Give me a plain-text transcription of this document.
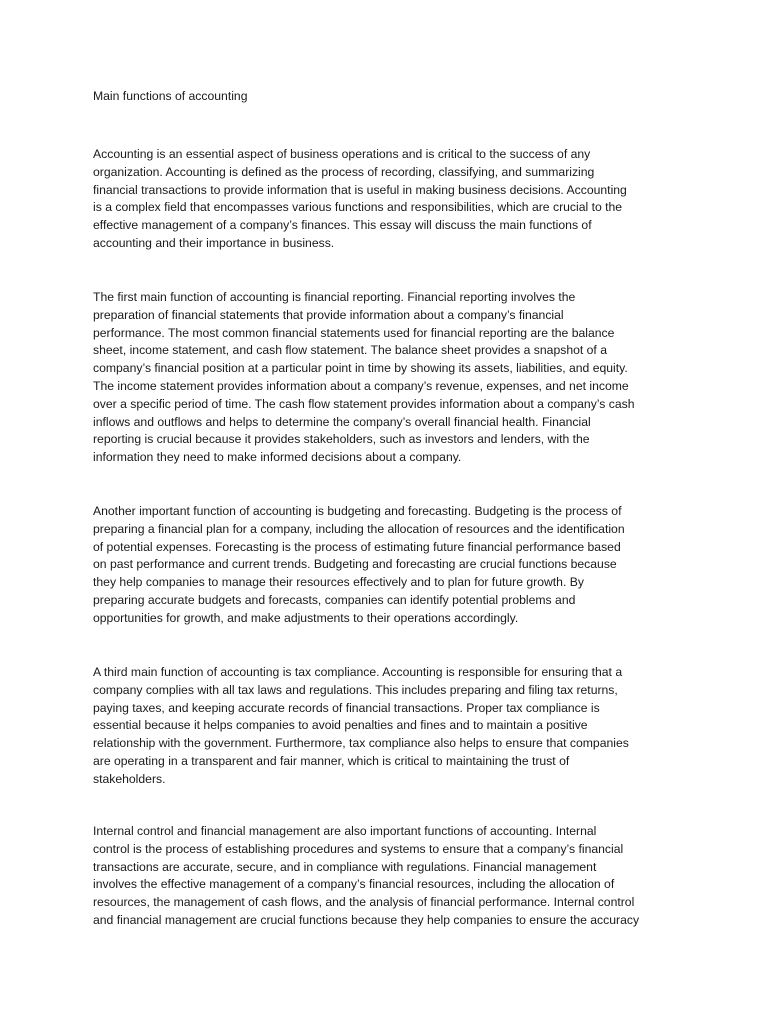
Main functions of accounting
Accounting is an essential aspect of business operations and is critical to the success of any
organization. Accounting is defined as the process of recording, classifying, and summarizing
financial transactions to provide information that is useful in making business decisions. Accounting
is a complex field that encompasses various functions and responsibilities, which are crucial to the
effective management of a company’s finances. This essay will discuss the main functions of
accounting and their importance in business.
The first main function of accounting is financial reporting. Financial reporting involves the
preparation of financial statements that provide information about a company’s financial
performance. The most common financial statements used for financial reporting are the balance
sheet, income statement, and cash flow statement. The balance sheet provides a snapshot of a
company’s financial position at a particular point in time by showing its assets, liabilities, and equity.
The income statement provides information about a company’s revenue, expenses, and net income
over a specific period of time. The cash flow statement provides information about a company’s cash
inflows and outflows and helps to determine the company’s overall financial health. Financial
reporting is crucial because it provides stakeholders, such as investors and lenders, with the
information they need to make informed decisions about a company.
Another important function of accounting is budgeting and forecasting. Budgeting is the process of
preparing a financial plan for a company, including the allocation of resources and the identification
of potential expenses. Forecasting is the process of estimating future financial performance based
on past performance and current trends. Budgeting and forecasting are crucial functions because
they help companies to manage their resources effectively and to plan for future growth. By
preparing accurate budgets and forecasts, companies can identify potential problems and
opportunities for growth, and make adjustments to their operations accordingly.
A third main function of accounting is tax compliance. Accounting is responsible for ensuring that a
company complies with all tax laws and regulations. This includes preparing and filing tax returns,
paying taxes, and keeping accurate records of financial transactions. Proper tax compliance is
essential because it helps companies to avoid penalties and fines and to maintain a positive
relationship with the government. Furthermore, tax compliance also helps to ensure that companies
are operating in a transparent and fair manner, which is critical to maintaining the trust of
stakeholders.
Internal control and financial management are also important functions of accounting. Internal
control is the process of establishing procedures and systems to ensure that a company’s financial
transactions are accurate, secure, and in compliance with regulations. Financial management
involves the effective management of a company’s financial resources, including the allocation of
resources, the management of cash flows, and the analysis of financial performance. Internal control
and financial management are crucial functions because they help companies to ensure the accuracy
